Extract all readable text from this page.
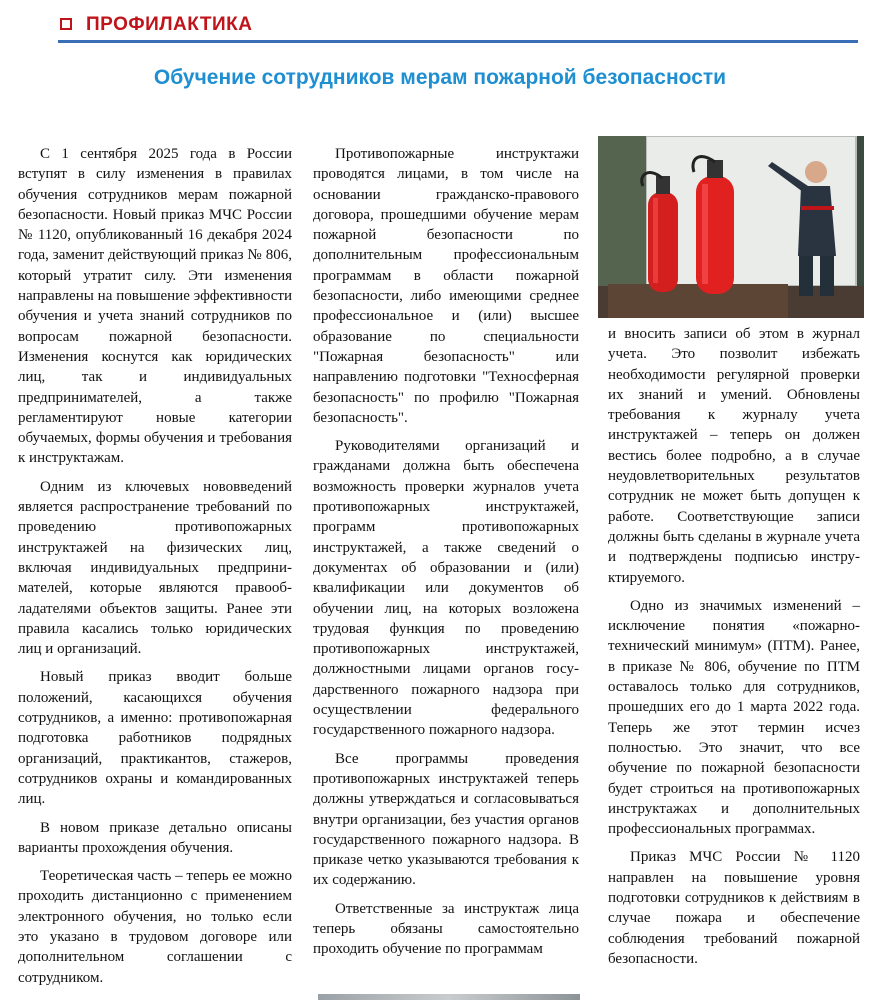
ПРОФИЛАКТИКА
Обучение сотрудников мерам пожарной безопасности

С 1 сентября 2025 года в России вступят в силу изменения в правилах обучения сотрудников мерам пожарной безопасности. Новый приказ МЧС России № 1120, опубликованный 16 декабря 2024 года, заменит действующий приказ № 806, который утратит силу. Эти изменения направлены на повышение эффективности обучения и учета знаний сотрудников по вопросам пожарной безопасности. Изменения коснутся как юридических лиц, так и индивидуальных предпринимателей, а также регламентируют новые категории обучаемых, формы обучения и требования к инструктажам.

Одним из ключевых нововведений является распространение требований по проведению противопожарных инструктажей на физических лиц, включая индивидуальных предпринимателей, которые являются правообладателями объектов защиты. Ранее эти правила касались только юридических лиц и организаций.

Новый приказ вводит больше положений, касающихся обучения сотрудников, а именно: противопожарная подготовка работников подрядных организаций, практикантов, стажеров, сотрудников охраны и командированных лиц.

В новом приказе детально описаны варианты прохождения обучения.

Теоретическая часть – теперь ее можно проходить дистанционно с применением электронного обучения, но только если это указано в трудовом договоре или дополнительном соглашении с сотрудником.

Противопожарные инструктажи проводятся лицами, в том числе на основании гражданско-правового договора, прошедшими обучение мерам пожарной безопасности по дополнительным профессиональным программам в области пожарной безопасности, либо имеющими среднее профессиональное и (или) высшее образование по специальности "Пожарная безопасность" или направлению подготовки "Техносферная безопасность" по профилю "Пожарная безопасность".

Руководителями организаций и гражданами должна быть обеспечена возможность проверки журналов учета противопожарных инструктажей, программ противопожарных инструктажей, а также сведений о документах об образовании и (или) квалификации или документов об обучении лиц, на которых возложена трудовая функция по проведению противопожарных инструктажей, должностными лицами органов государственного пожарного надзора при осуществлении федерального государственного пожарного надзора.

Все программы проведения противопожарных инструктажей теперь должны утверждаться и согласовываться внутри организации, без участия органов государственного пожарного надзора. В приказе четко указываются требования к их содержанию.

Ответственные за инструктаж лица теперь обязаны самостоятельно проходить обучение по программам

и вносить записи об этом в журнал учета. Это позволит избежать необходимости регулярной проверки их знаний и умений. Обновлены требования к журналу учета инструктажей – теперь он должен вестись более подробно, а в случае неудовлетворительных результатов сотрудник не может быть допущен к работе. Соответствующие записи должны быть сделаны в журнале учета и подтверждены подписью инструктируемого.

Одно из значимых изменений – исключение понятия «пожарно-технический минимум» (ПТМ). Ранее, в приказе № 806, обучение по ПТМ оставалось только для сотрудников, прошедших его до 1 марта 2022 года. Теперь же этот термин исчез полностью. Это значит, что все обучение по пожарной безопасности будет строиться на противопожарных инструктажах и дополнительных профессиональных программах.

Приказ МЧС России № 1120 направлен на повышение уровня подготовки сотрудников к действиям в случае пожара и обеспечение соблюдения требований пожарной безопасности.
